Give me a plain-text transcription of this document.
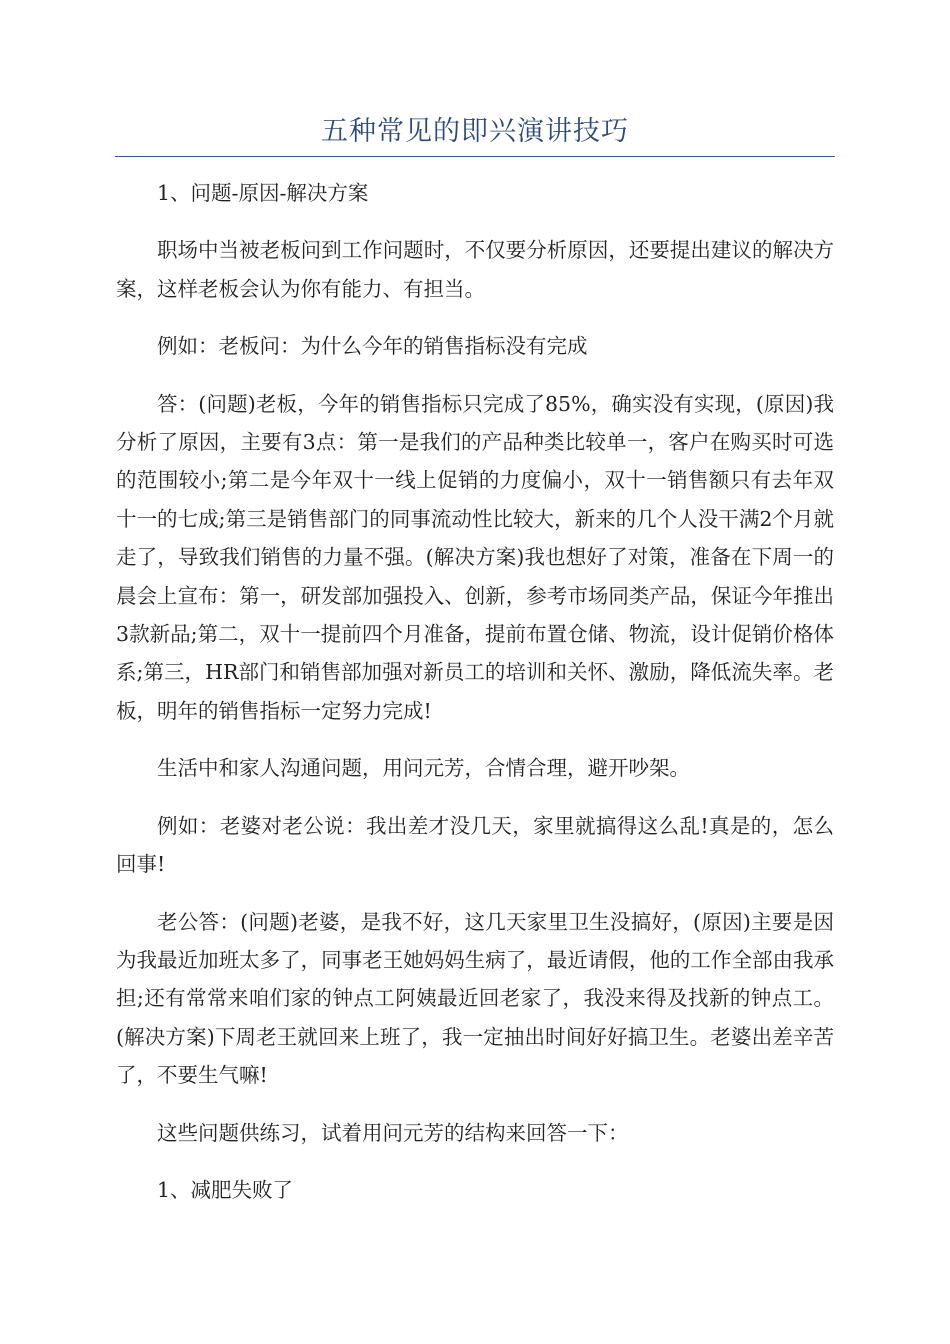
五种常见的即兴演讲技巧

1、问题-原因-解决方案

职场中当被老板问到工作问题时，不仅要分析原因，还要提出建议的解决方案，这样老板会认为你有能力、有担当。

例如：老板问：为什么今年的销售指标没有完成

答：(问题)老板，今年的销售指标只完成了85%，确实没有实现，(原因)我分析了原因，主要有3点：第一是我们的产品种类比较单一，客户在购买时可选的范围较小;第二是今年双十一线上促销的力度偏小，双十一销售额只有去年双十一的七成;第三是销售部门的同事流动性比较大，新来的几个人没干满2个月就走了，导致我们销售的力量不强。(解决方案)我也想好了对策，准备在下周一的晨会上宣布：第一，研发部加强投入、创新，参考市场同类产品，保证今年推出3款新品;第二，双十一提前四个月准备，提前布置仓储、物流，设计促销价格体系;第三，HR部门和销售部加强对新员工的培训和关怀、激励，降低流失率。老板，明年的销售指标一定努力完成!

生活中和家人沟通问题，用问元芳，合情合理，避开吵架。

例如：老婆对老公说：我出差才没几天，家里就搞得这么乱!真是的，怎么回事!

老公答：(问题)老婆，是我不好，这几天家里卫生没搞好，(原因)主要是因为我最近加班太多了，同事老王她妈妈生病了，最近请假，他的工作全部由我承担;还有常常来咱们家的钟点工阿姨最近回老家了，我没来得及找新的钟点工。(解决方案)下周老王就回来上班了，我一定抽出时间好好搞卫生。老婆出差辛苦了，不要生气嘛!

这些问题供练习，试着用问元芳的结构来回答一下：

1、减肥失败了
